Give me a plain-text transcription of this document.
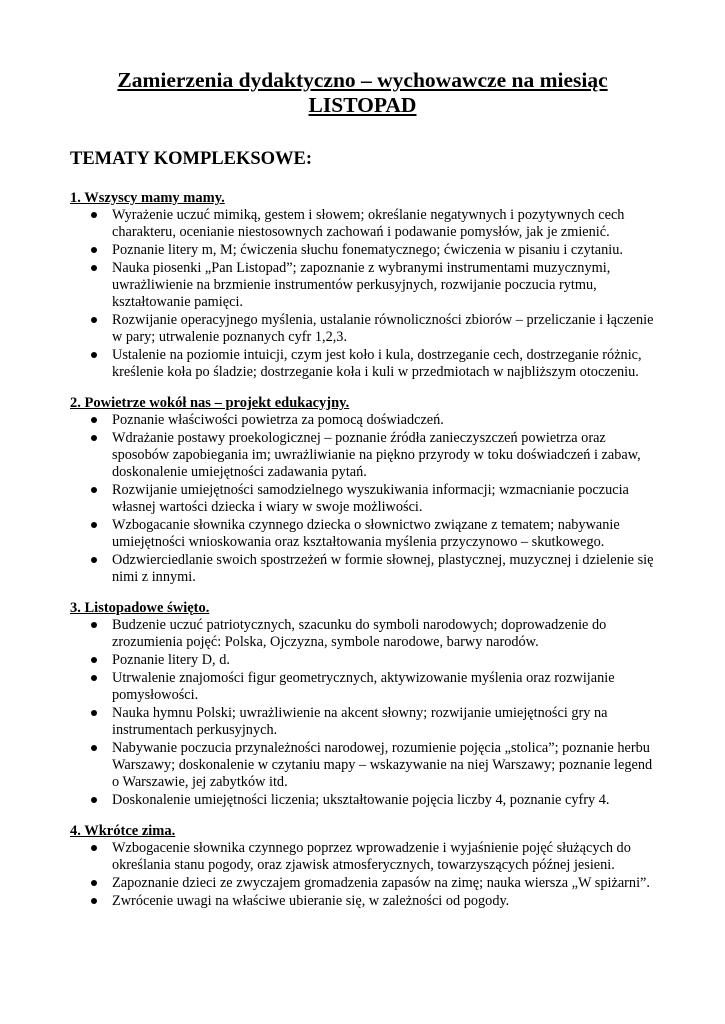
Zamierzenia dydaktyczno – wychowawcze na miesiąc
LISTOPAD
TEMATY KOMPLEKSOWE:

1. Wszyscy mamy mamy.

Wyrażenie uczuć mimiką, gestem i słowem; określanie negatywnych i pozytywnych cech charakteru, ocenianie niestosownych zachowań i podawanie pomysłów, jak je zmienić.
Poznanie litery m, M; ćwiczenia słuchu fonematycznego; ćwiczenia w pisaniu i czytaniu.
Nauka piosenki „Pan Listopad”; zapoznanie z wybranymi instrumentami muzycznymi, uwrażliwienie na brzmienie instrumentów perkusyjnych, rozwijanie poczucia rytmu, kształtowanie pamięci.
Rozwijanie operacyjnego myślenia, ustalanie równoliczności zbiorów – przeliczanie i łączenie w pary; utrwalenie poznanych cyfr 1,2,3.
Ustalenie na poziomie intuicji, czym jest koło i kula, dostrzeganie cech, dostrzeganie różnic, kreślenie koła po śladzie; dostrzeganie koła i kuli w przedmiotach w najbliższym otoczeniu.

2. Powietrze wokół nas – projekt edukacyjny.

Poznanie właściwości powietrza za pomocą doświadczeń.
Wdrażanie postawy proekologicznej – poznanie źródła zanieczyszczeń powietrza oraz sposobów zapobiegania im; uwrażliwianie na piękno przyrody w toku doświadczeń i zabaw, doskonalenie umiejętności zadawania pytań.
Rozwijanie umiejętności samodzielnego wyszukiwania informacji; wzmacnianie poczucia własnej wartości dziecka i wiary w swoje możliwości.
Wzbogacanie słownika czynnego dziecka o słownictwo związane z tematem; nabywanie umiejętności wnioskowania oraz kształtowania myślenia przyczynowo – skutkowego.
Odzwierciedlanie swoich spostrzeżeń w formie słownej, plastycznej, muzycznej i dzielenie się nimi z innymi.

3. Listopadowe święto.

Budzenie uczuć patriotycznych, szacunku do symboli narodowych; doprowadzenie do zrozumienia pojęć: Polska, Ojczyzna, symbole narodowe, barwy narodów.
Poznanie litery D, d.
Utrwalenie znajomości figur geometrycznych, aktywizowanie myślenia oraz rozwijanie pomysłowości.
Nauka hymnu Polski; uwrażliwienie na akcent słowny; rozwijanie umiejętności gry na instrumentach perkusyjnych.
Nabywanie poczucia przynależności narodowej, rozumienie pojęcia „stolica”; poznanie herbu Warszawy; doskonalenie w czytaniu mapy – wskazywanie na niej Warszawy; poznanie legend o Warszawie, jej zabytków itd.
Doskonalenie umiejętności liczenia; ukształtowanie pojęcia liczby 4, poznanie cyfry 4.

4. Wkrótce zima.

Wzbogacenie słownika czynnego poprzez wprowadzenie i wyjaśnienie pojęć służących do określania stanu pogody, oraz zjawisk atmosferycznych, towarzyszących późnej jesieni.
Zapoznanie dzieci ze zwyczajem gromadzenia zapasów na zimę; nauka wiersza „W spiżarni”.
Zwrócenie uwagi na właściwe ubieranie się, w zależności od pogody.
